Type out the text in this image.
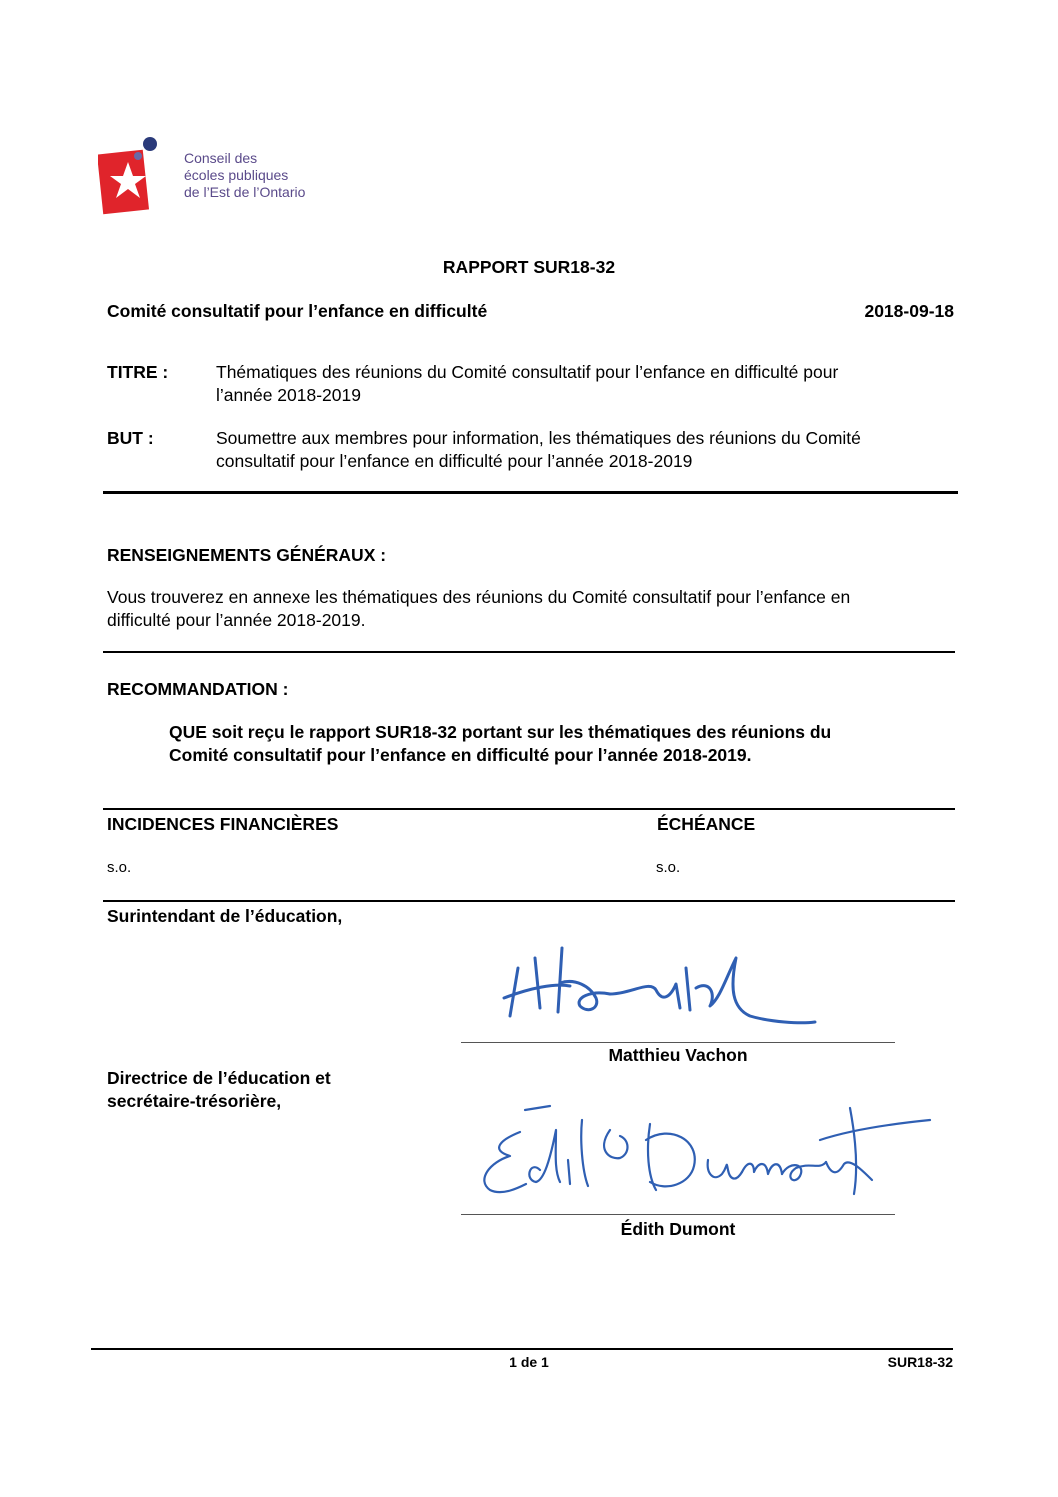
Conseil des
écoles publiques
de l’Est de l’Ontario
RAPPORT SUR18-32
Comité consultatif pour l’enfance en difficulté	2018-09-18
TITRE :	Thématiques des réunions du Comité consultatif pour l’enfance en difficulté pour
l’année 2018-2019
BUT :	Soumettre aux membres pour information, les thématiques des réunions du Comité
consultatif pour l’enfance en difficulté pour l’année 2018-2019
RENSEIGNEMENTS GÉNÉRAUX :
Vous trouverez en annexe les thématiques des réunions du Comité consultatif pour l’enfance en
difficulté pour l’année 2018-2019.
RECOMMANDATION :
QUE soit reçu le rapport SUR18-32 portant sur les thématiques des réunions du
Comité consultatif pour l’enfance en difficulté pour l’année 2018-2019.
INCIDENCES FINANCIÈRES	ÉCHÉANCE
s.o.	s.o.
Surintendant de l’éducation,
Matthieu Vachon
Directrice de l’éducation et
secrétaire-trésorière,
Édith Dumont
1 de 1	SUR18-32
